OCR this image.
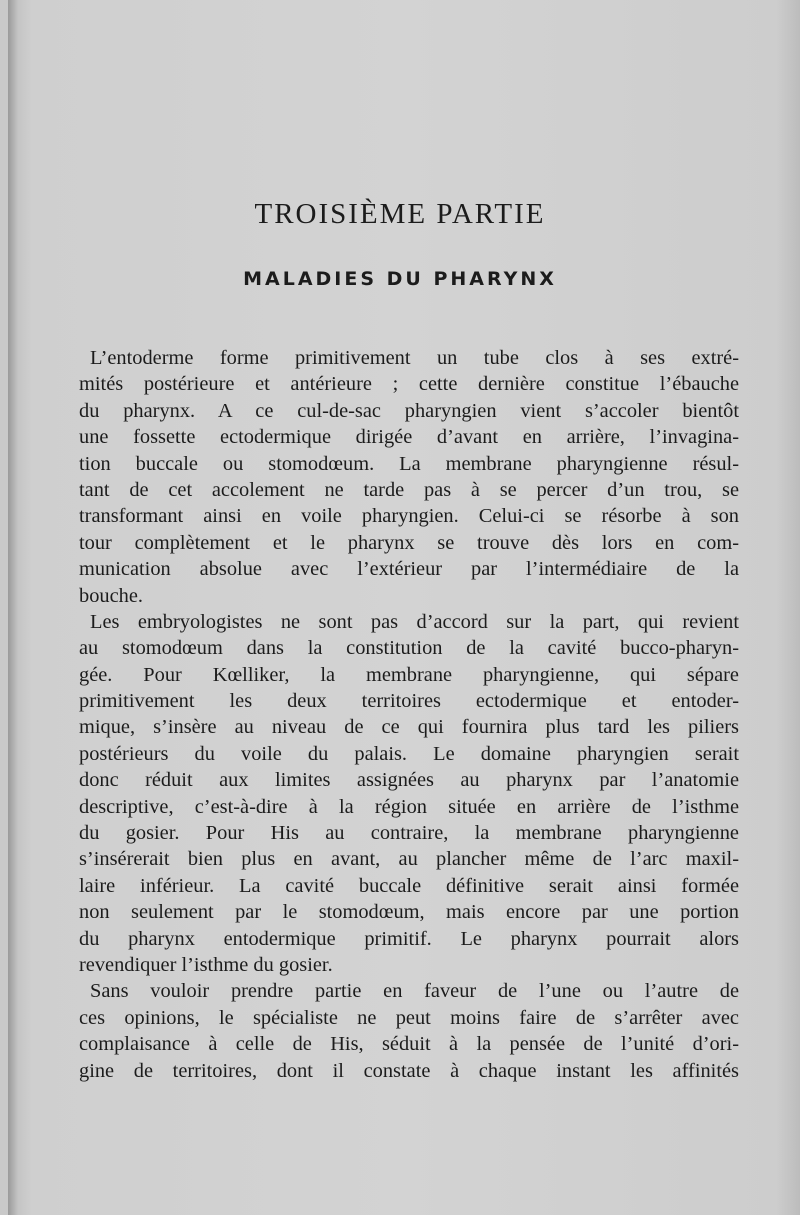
TROISIÈME PARTIE
MALADIES DU PHARYNX

L’entoderme forme primitivement un tube clos à ses extré-
mités postérieure et antérieure ; cette dernière constitue l’ébauche
du pharynx. A ce cul-de-sac pharyngien vient s’accoler bientôt
une fossette ectodermique dirigée d’avant en arrière, l’invagina-
tion buccale ou stomodœum. La membrane pharyngienne résul-
tant de cet accolement ne tarde pas à se percer d’un trou, se
transformant ainsi en voile pharyngien. Celui-ci se résorbe à son
tour complètement et le pharynx se trouve dès lors en com-
munication absolue avec l’extérieur par l’intermédiaire de la
bouche.

Les embryologistes ne sont pas d’accord sur la part, qui revient
au stomodœum dans la constitution de la cavité bucco-pharyn-
gée. Pour Kœlliker, la membrane pharyngienne, qui sépare
primitivement les deux territoires ectodermique et entoder-
mique, s’insère au niveau de ce qui fournira plus tard les piliers
postérieurs du voile du palais. Le domaine pharyngien serait
donc réduit aux limites assignées au pharynx par l’anatomie
descriptive, c’est-à-dire à la région située en arrière de l’isthme
du gosier. Pour His au contraire, la membrane pharyngienne
s’insérerait bien plus en avant, au plancher même de l’arc maxil-
laire inférieur. La cavité buccale définitive serait ainsi formée
non seulement par le stomodœum, mais encore par une portion
du pharynx entodermique primitif. Le pharynx pourrait alors
revendiquer l’isthme du gosier.

Sans vouloir prendre partie en faveur de l’une ou l’autre de
ces opinions, le spécialiste ne peut moins faire de s’arrêter avec
complaisance à celle de His, séduit à la pensée de l’unité d’ori-
gine de territoires, dont il constate à chaque instant les affinités
